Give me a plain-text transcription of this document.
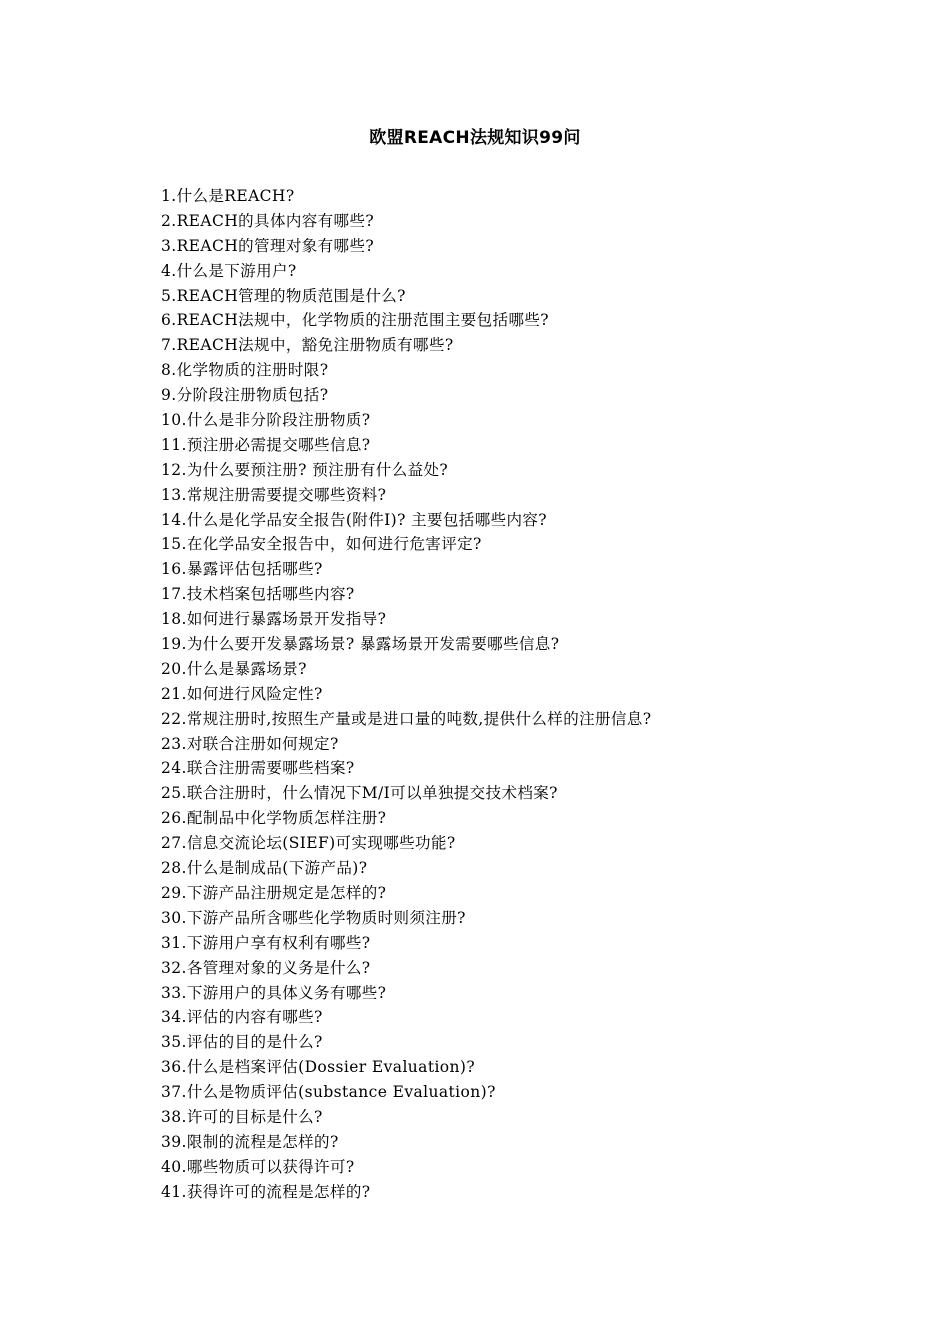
欧盟REACH法规知识99问
1.什么是REACH?
2.REACH的具体内容有哪些?
3.REACH的管理对象有哪些?
4.什么是下游用户?
5.REACH管理的物质范围是什么?
6.REACH法规中，化学物质的注册范围主要包括哪些?
7.REACH法规中，豁免注册物质有哪些?
8.化学物质的注册时限?
9.分阶段注册物质包括?
10.什么是非分阶段注册物质?
11.预注册必需提交哪些信息?
12.为什么要预注册? 预注册有什么益处?
13.常规注册需要提交哪些资料?
14.什么是化学品安全报告(附件I)? 主要包括哪些内容?
15.在化学品安全报告中，如何进行危害评定?
16.暴露评估包括哪些?
17.技术档案包括哪些内容?
18.如何进行暴露场景开发指导?
19.为什么要开发暴露场景? 暴露场景开发需要哪些信息?
20.什么是暴露场景?
21.如何进行风险定性?
22.常规注册时,按照生产量或是进口量的吨数,提供什么样的注册信息?
23.对联合注册如何规定?
24.联合注册需要哪些档案?
25.联合注册时，什么情况下M/I可以单独提交技术档案?
26.配制品中化学物质怎样注册?
27.信息交流论坛(SIEF)可实现哪些功能?
28.什么是制成品(下游产品)?
29.下游产品注册规定是怎样的?
30.下游产品所含哪些化学物质时则须注册?
31.下游用户享有权利有哪些?
32.各管理对象的义务是什么?
33.下游用户的具体义务有哪些?
34.评估的内容有哪些?
35.评估的目的是什么?
36.什么是档案评估(Dossier Evaluation)?
37.什么是物质评估(substance Evaluation)?
38.许可的目标是什么?
39.限制的流程是怎样的?
40.哪些物质可以获得许可?
41.获得许可的流程是怎样的?
